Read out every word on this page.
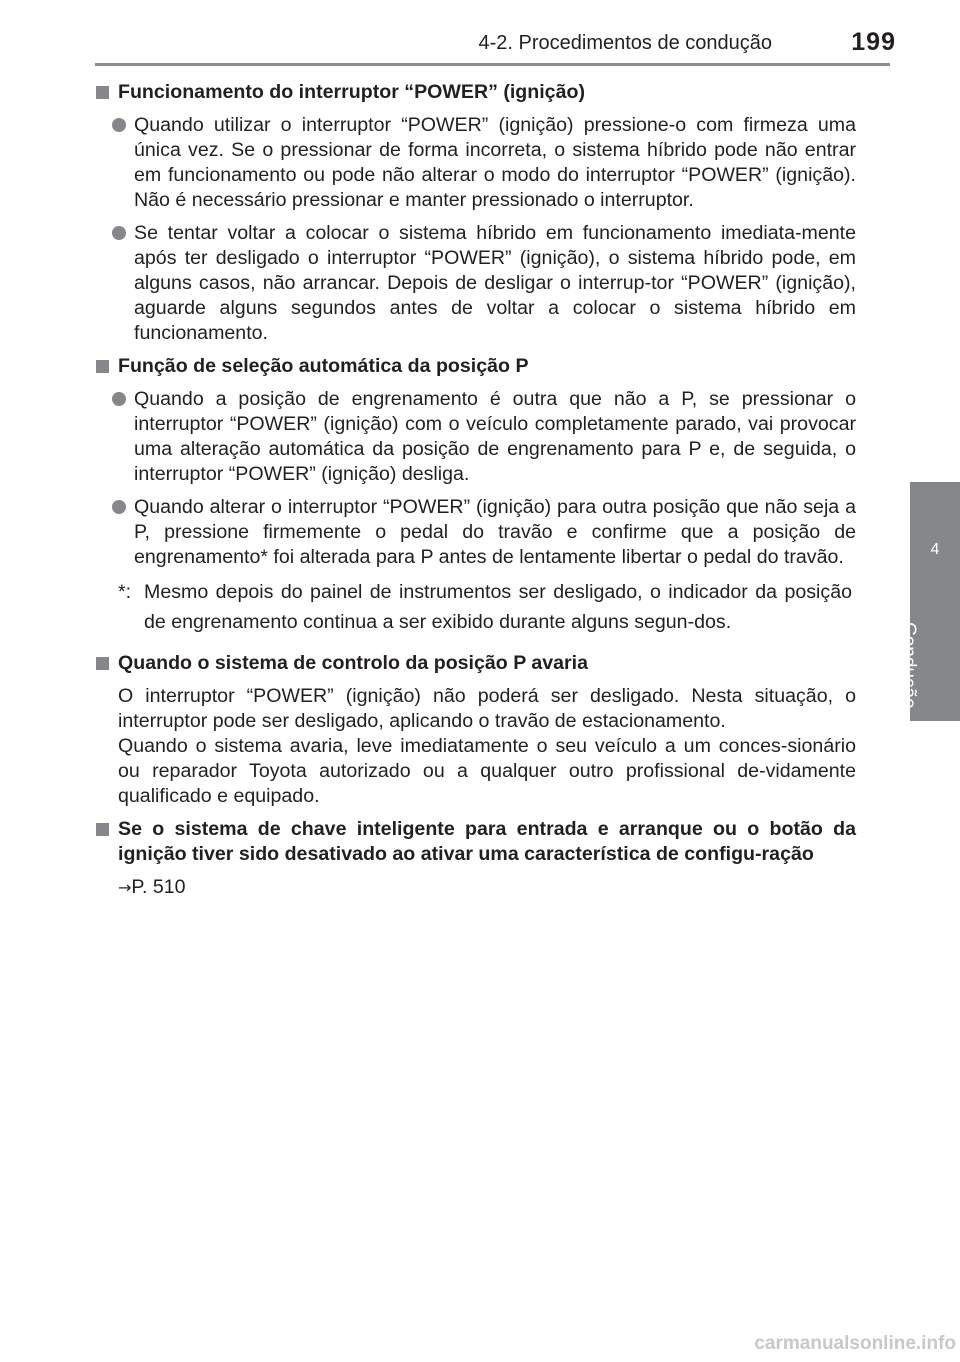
4-2. Procedimentos de condução	199
4
Condução
Funcionamento do interruptor “POWER” (ignição)
Quando utilizar o interruptor “POWER” (ignição) pressione-o com firmeza uma única vez. Se o pressionar de forma incorreta, o sistema híbrido pode não entrar em funcionamento ou pode não alterar o modo do interruptor “POWER” (ignição). Não é necessário pressionar e manter pressionado o interruptor.
Se tentar voltar a colocar o sistema híbrido em funcionamento imediata-mente após ter desligado o interruptor “POWER” (ignição), o sistema híbrido pode, em alguns casos, não arrancar. Depois de desligar o interrup-tor “POWER” (ignição), aguarde alguns segundos antes de voltar a colocar o sistema híbrido em funcionamento.
Função de seleção automática da posição P
Quando a posição de engrenamento é outra que não a P, se pressionar o interruptor “POWER” (ignição) com o veículo completamente parado, vai provocar uma alteração automática da posição de engrenamento para P e, de seguida, o interruptor “POWER” (ignição) desliga.
Quando alterar o interruptor “POWER” (ignição) para outra posição que não seja a P, pressione firmemente o pedal do travão e confirme que a posição de engrenamento* foi alterada para P antes de lentamente libertar o pedal do travão.
*: Mesmo depois do painel de instrumentos ser desligado, o indicador da posição de engrenamento continua a ser exibido durante alguns segun-dos.
Quando o sistema de controlo da posição P avaria
O interruptor “POWER” (ignição) não poderá ser desligado. Nesta situação, o interruptor pode ser desligado, aplicando o travão de estacionamento.
Quando o sistema avaria, leve imediatamente o seu veículo a um conces-sionário ou reparador Toyota autorizado ou a qualquer outro profissional de-vidamente qualificado e equipado.
Se o sistema de chave inteligente para entrada e arranque ou o botão da ignição tiver sido desativado ao ativar uma característica de configu-ração
→P. 510
carmanualsonline.info
